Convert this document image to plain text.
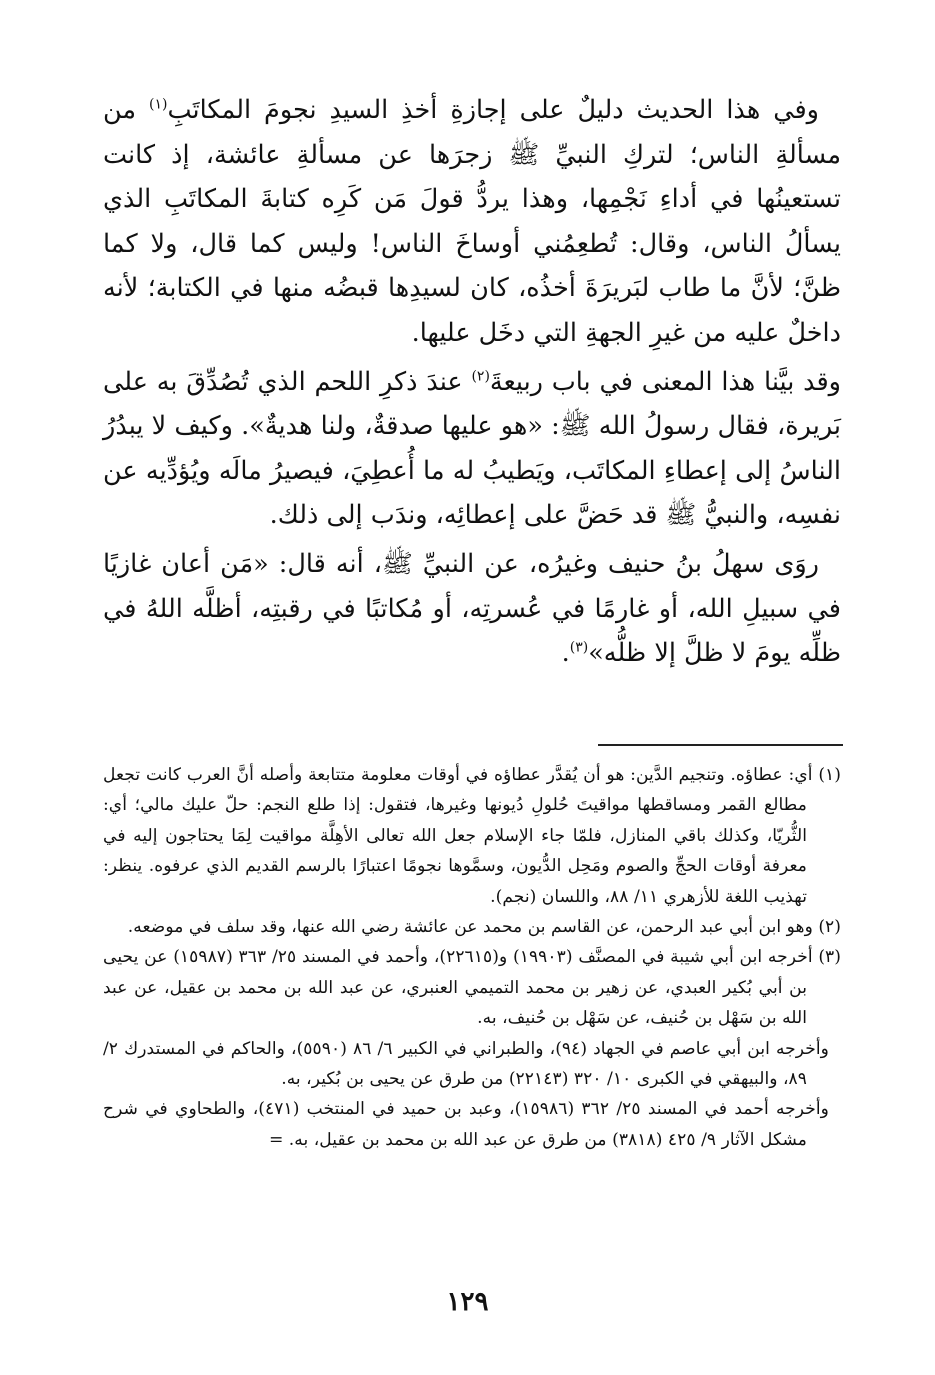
وفي هذا الحديث دليلٌ على إجازةِ أخذِ السيدِ نجومَ المكاتَبِ$^{(١)}$ من مسألةِ الناس؛ لتركِ النبيِّ ﷺ زجرَها عن مسألةِ عائشة، إذ كانت تستعينُها في أداءِ نَجْمِها، وهذا يردُّ قولَ مَن كَرِه كتابةَ المكاتَبِ الذي يسألُ الناس، وقال: تُطعِمُني أوساخَ الناس! وليس كما قال، ولا كما ظنَّ؛ لأنَّ ما طاب لبَريرَةَ أخذُه، كان لسيدِها قبضُه منها في الكتابة؛ لأنه داخلٌ عليه من غيرِ الجهةِ التي دخَل عليها.

وقد بيَّنا هذا المعنى في باب ربيعةَ$^{(٢)}$ عندَ ذكرِ اللحم الذي تُصُدِّقَ به على بَريرة، فقال رسولُ الله ﷺ: «هو عليها صدقةٌ، ولنا هديةٌ». وكيف لا يبدُرُ الناسُ إلى إعطاءِ المكاتَب، ويَطيبُ له ما أُعطِيَ، فيصيرُ مالَه ويُؤدِّيه عن نفسِه، والنبيُّ ﷺ قد حَضَّ على إعطائِه، وندَب إلى ذلك.

روَى سهلُ بنُ حنيف وغيرُه، عن النبيِّ ﷺ، أنه قال: «مَن أعان غازيًا في سبيلِ الله، أو غارمًا في عُسرتِه، أو مُكاتبًا في رقبتِه، أظلَّه اللهُ في ظلِّه يومَ لا ظلَّ إلا ظلُّه»$^{(٣)}$.

(١) أي: عطاؤه. وتنجيم الدَّين: هو أن يُقدَّر عطاؤه في أوقات معلومة متتابعة وأصله أنَّ العرب كانت تجعل مطالع القمر ومساقطها مواقيتَ حُلولِ دُيونها وغيرها، فتقول: إذا طلع النجم: حلّ عليك مالي؛ أي: الثُّريّا، وكذلك باقي المنازل، فلمّا جاء الإسلام جعل الله تعالى الأهِلَّة مواقيت لِمَا يحتاجون إليه في معرفة أوقات الحجِّ والصوم ومَحِل الدُّيون، وسمَّوها نجومًا اعتبارًا بالرسم القديم الذي عرفوه. ينظر: تهذيب اللغة للأزهري ١١/ ٨٨، واللسان (نجم).

(٢) وهو ابن أبي عبد الرحمن، عن القاسم بن محمد عن عائشة رضي الله عنها، وقد سلف في موضعه.

(٣) أخرجه ابن أبي شيبة في المصنَّف (١٩٩٠٣) و(٢٢٦١٥)، وأحمد في المسند ٢٥/ ٣٦٣ (١٥٩٨٧) عن يحيى بن أبي بُكير العبدي، عن زهير بن محمد التميمي العنبري، عن عبد الله بن محمد بن عقيل، عن عبد الله بن سَهْل بن حُنيف، عن سَهْل بن حُنيف، به.

وأخرجه ابن أبي عاصم في الجهاد (٩٤)، والطبراني في الكبير ٦/ ٨٦ (٥٥٩٠)، والحاكم في المستدرك ٢/ ٨٩، والبيهقي في الكبرى ١٠/ ٣٢٠ (٢٢١٤٣) من طرق عن يحيى بن بُكير، به.

وأخرجه أحمد في المسند ٢٥/ ٣٦٢ (١٥٩٨٦)، وعبد بن حميد في المنتخب (٤٧١)، والطحاوي في شرح مشكل الآثار ٩/ ٤٢٥ (٣٨١٨) من طرق عن عبد الله بن محمد بن عقيل، به. =

١٢٩
